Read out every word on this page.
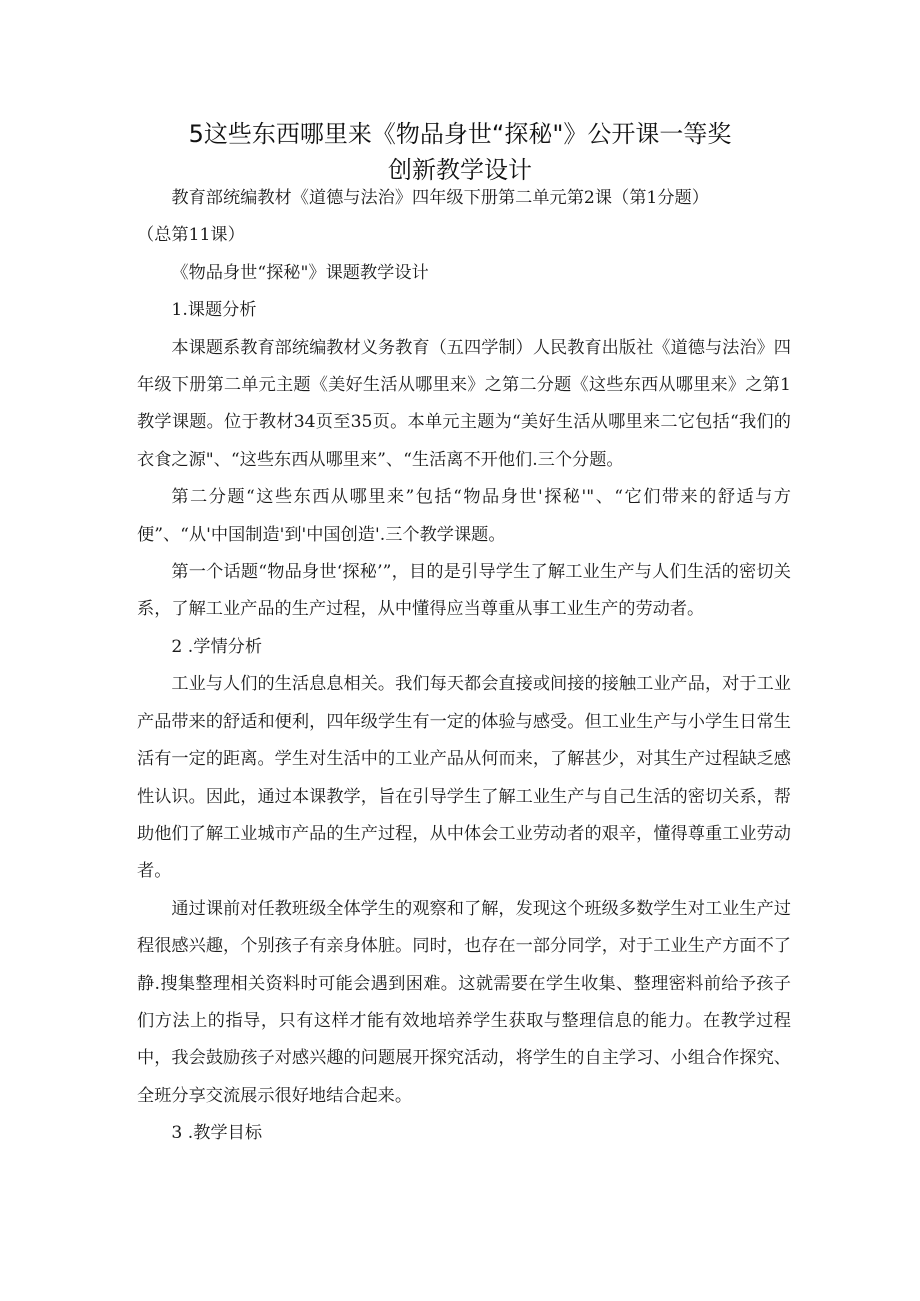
5这些东西哪里来《物品身世“探秘"》公开课一等奖
创新教学设计

教育部统编教材《道德与法治》四年级下册第二单元第2课（第1分题）

（总第11课）

《物品身世“探秘"》课题教学设计

1.课题分析

本课题系教育部统编教材义务教育（五四学制）人民教育出版社《道德与法治》四年级下册第二单元主题《美好生活从哪里来》之第二分题《这些东西从哪里来》之第1教学课题。位于教材34页至35页。本单元主题为“美好生活从哪里来二它包括“我们的衣食之源"、“这些东西从哪里来”、“生活离不开他们.三个分题。

第二分题“这些东西从哪里来”包括“物品身世'探秘'"、“它们带来的舒适与方便”、“从'中国制造'到'中国创造'.三个教学课题。

第一个话题“物品身世‘探秘’”，目的是引导学生了解工业生产与人们生活的密切关系，了解工业产品的生产过程，从中懂得应当尊重从事工业生产的劳动者。

2 .学情分析

工业与人们的生活息息相关。我们每天都会直接或间接的接触工业产品，对于工业产品带来的舒适和便利，四年级学生有一定的体验与感受。但工业生产与小学生日常生活有一定的距离。学生对生活中的工业产品从何而来，了解甚少，对其生产过程缺乏感性认识。因此，通过本课教学，旨在引导学生了解工业生产与自己生活的密切关系，帮助他们了解工业城市产品的生产过程，从中体会工业劳动者的艰辛，懂得尊重工业劳动者。

通过课前对任教班级全体学生的观察和了解，发现这个班级多数学生对工业生产过程很感兴趣，个别孩子有亲身体脏。同时，也存在一部分同学，对于工业生产方面不了静.搜集整理相关资料时可能会遇到困难。这就需要在学生收集、整理密料前给予孩子们方法上的指导，只有这样才能有效地培养学生获取与整理信息的能力。在教学过程中，我会鼓励孩子对感兴趣的问题展开探究活动，将学生的自主学习、小组合作探究、全班分享交流展示很好地结合起来。

3 .教学目标
